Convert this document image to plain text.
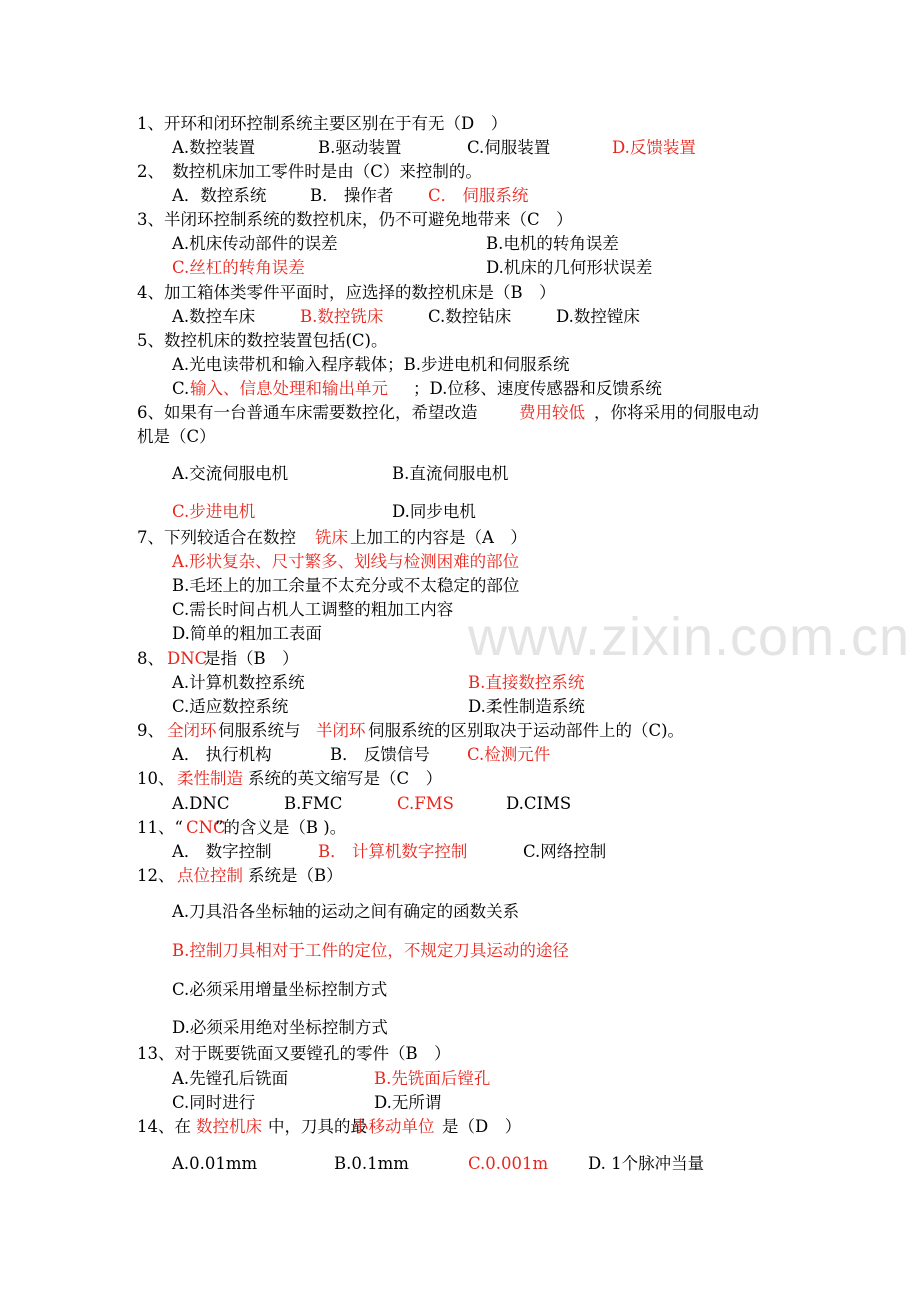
www.zixin.com.cn
1、开环和闭环控制系统主要区别在于有无（D　）
A.数控装置	B.驱动装置	C.伺服装置	D.反馈装置
2、　数控机床加工零件时是由（C）来控制的。
A．数控系统	B． 操作者 C． 伺服系统
3、半闭环控制系统的数控机床，仍不可避免地带来（C　）
A.机床传动部件的误差	B.电机的转角误差
C.丝杠的转角误差	D.机床的几何形状误差
4、加工箱体类零件平面时，应选择的数控机床是（B　）
A.数控车床	B.数控铣床	C.数控钻床	D.数控镗床
5、数控机床的数控装置包括(C)。
A.光电读带机和输入程序载体；B.步进电机和伺服系统
C. 输入、信息处理和输出单元 ；D.位移、速度传感器和反馈系统
6、如果有一台普通车床需要数控化，希望改造	费用较低 ，你将采用的伺服电动
机是（C）
A.交流伺服电机	B.直流伺服电机
C.步进电机	D.同步电机
7、下列较适合在数控 铣床 上加工的内容是（A　）
A.形状复杂、尺寸繁多、划线与检测困难的部位
B.毛坯上的加工余量不太充分或不太稳定的部位
C.需长时间占机人工调整的粗加工内容
D.简单的粗加工表面
8、 DNC
是指（B　）
A.计算机数控系统	B.直接数控系统
C.适应数控系统	D.柔性制造系统
9、 全闭环 伺服系统与 半闭环 伺服系统的区别取决于运动部件上的（C)。
A． 执行机构	B． 反馈信号 C.检测元件
10、 柔性制造 系统的英文缩写是（C　）
A.DNC	B.FMC	C.FMS	D.CIMS
11、“ CNC
”的含义是（B )。
A． 数字控制	B． 计算机数字控制	C.网络控制
12、 点位控制 系统是（B）
A.刀具沿各坐标轴的运动之间有确定的函数关系
B.控制刀具相对于工件的定位，不规定刀具运动的途径
C.必须采用增量坐标控制方式
D.必须采用绝对坐标控制方式
13、对于既要铣面又要镗孔的零件（B　）
A.先镗孔后铣面	B.先铣面后镗孔
C.同时进行	D.无所谓
14、在 数控机床 中，刀具的最
小移动单位 是（D　）
A.0.01mm	B.0.1mm	C.0.001m D. 1个脉冲当量
